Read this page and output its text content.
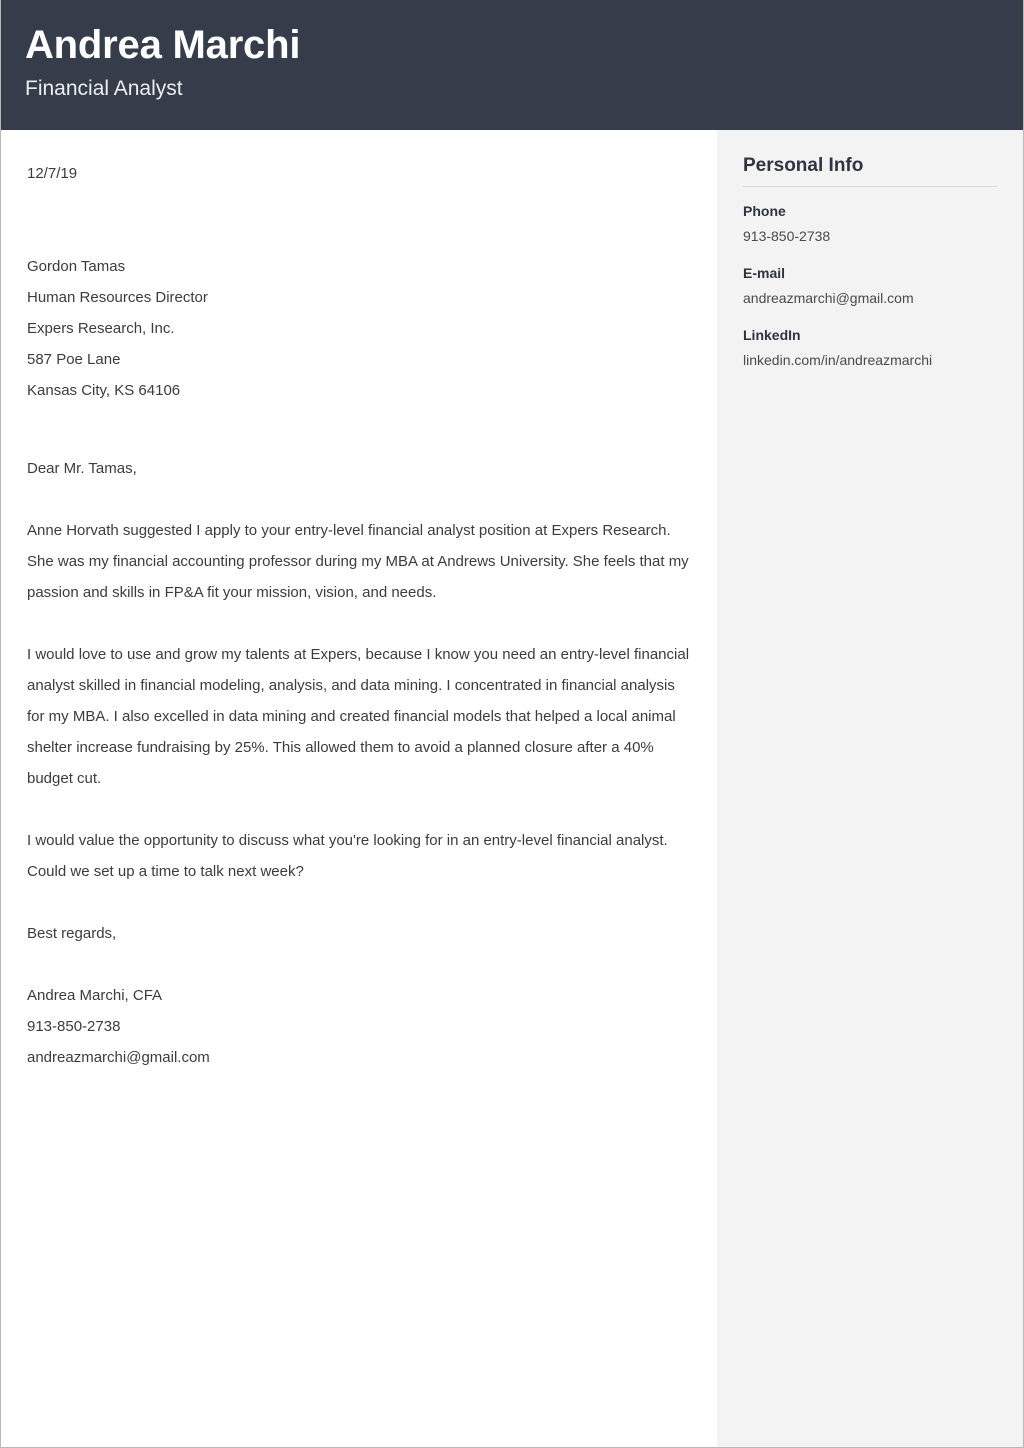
Andrea Marchi
Financial Analyst
12/7/19
Gordon Tamas
Human Resources Director
Expers Research, Inc.
587 Poe Lane
Kansas City, KS 64106
Dear Mr. Tamas,

Anne Horvath suggested I apply to your entry-level financial analyst position at Expers Research. She was my financial accounting professor during my MBA at Andrews University. She feels that my passion and skills in FP&A fit your mission, vision, and needs.

I would love to use and grow my talents at Expers, because I know you need an entry-level financial analyst skilled in financial modeling, analysis, and data mining. I concentrated in financial analysis for my MBA. I also excelled in data mining and created financial models that helped a local animal shelter increase fundraising by 25%. This allowed them to avoid a planned closure after a 40% budget cut.

I would value the opportunity to discuss what you're looking for in an entry-level financial analyst. Could we set up a time to talk next week?

Best regards,
Andrea Marchi, CFA
913-850-2738
andreazmarchi@gmail.com
Personal Info
Phone
913-850-2738
E-mail
andreazmarchi@gmail.com
LinkedIn
linkedin.com/in/andreazmarchi
